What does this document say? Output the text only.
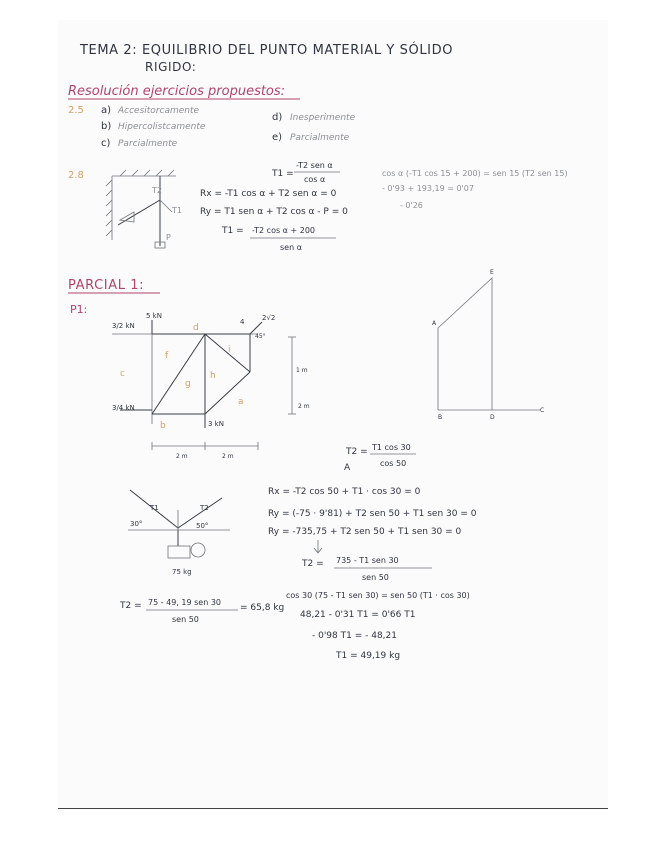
TEMA 2: EQUILIBRIO DEL PUNTO MATERIAL Y SÓLIDO
RIGIDO:
Resolución ejercicios propuestos:
2.5 a) Accesitorcamente
b) Hipercolistcamente
c) Parcialmente
d) Inesperimente
e) Parcialmente
2.8
T1
T2
P
T1 =
-T2 sen α
cos α
Rx = -T1 cos α + T2 sen α = 0
Ry = T1 sen α + T2 cos α - P = 0
T1 = -T2 cos α + 200
sen α
cos α (-T1 cos 15 + 200) = sen 15 (T2 sen 15)
- 0'93 + 193,19 = 0'07
- 0'26
PARCIAL 1:
P1:	5 kN
3/2 kN
3/4 kN
3 kN
2√2
45°
4
d
f
i
c
g
h
a
b
1 m
2 m
2 m	2 m
A
E
B	D
C
T2 = T1 cos 30
cos 50
A
Rx = -T2 cos 50 + T1 · cos 30 = 0
Ry = (-75 · 9'81) + T2 sen 50 + T1 sen 30 = 0
Ry = -735,75 + T2 sen 50 + T1 sen 30 = 0
T2 = 735 - T1 sen 30
sen 50
30°	50°
T1	T2
75 kg
T2 = 75 - 49, 19 sen 30
sen 50
= 65,8 kg
cos 30 (75 - T1 sen 30) = sen 50 (T1 · cos 30)
48,21 - 0'31 T1 = 0'66 T1
- 0'98 T1 = - 48,21
T1 = 49,19 kg
